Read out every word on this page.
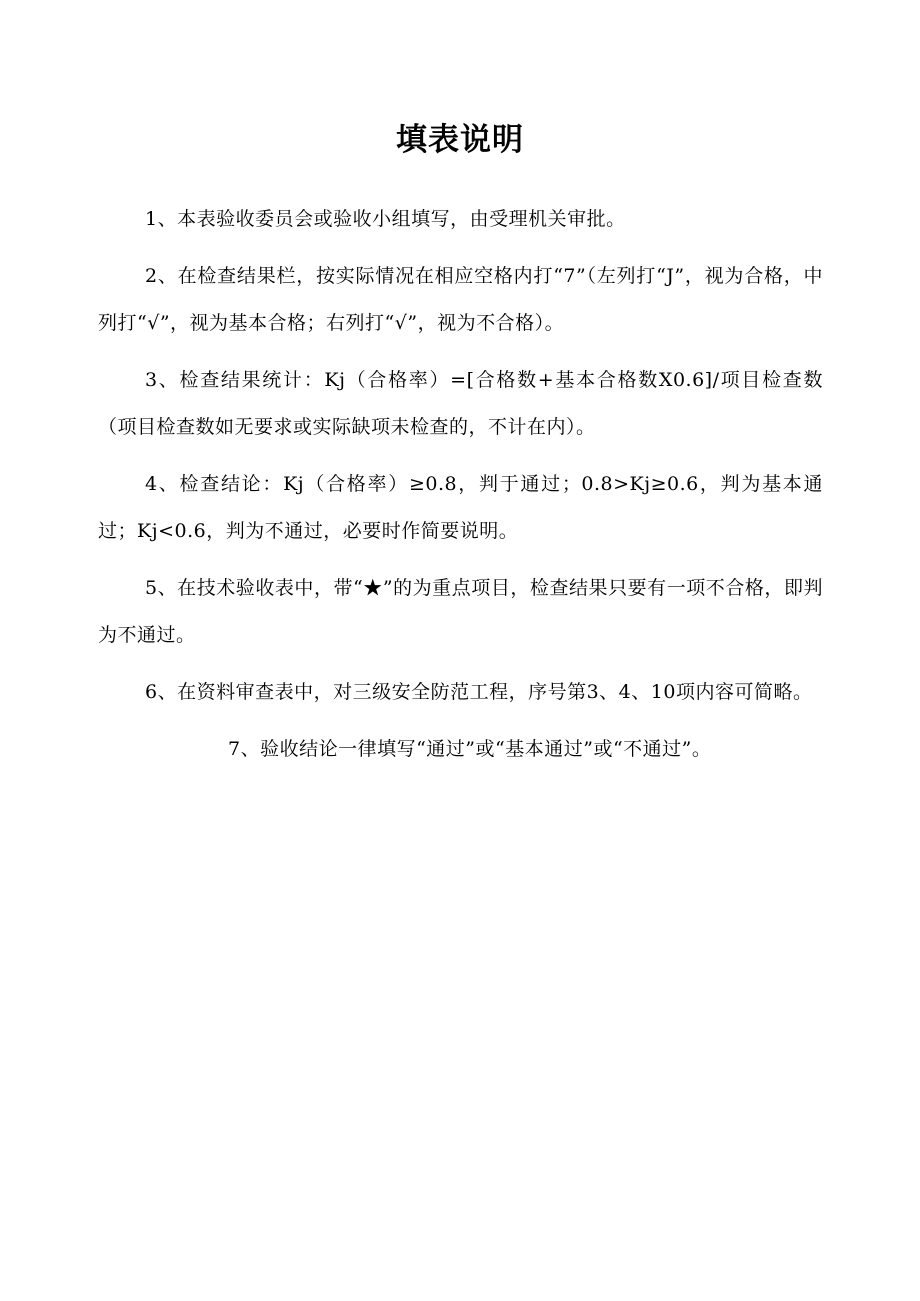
填表说明

1、本表验收委员会或验收小组填写，由受理机关审批。

2、在检查结果栏，按实际情况在相应空格内打“7”（左列打“J”，视为合格，中列打“√”，视为基本合格；右列打“√”，视为不合格）。

3、检查结果统计：Kj（合格率）=[合格数+基本合格数X0.6]/项目检查数（项目检查数如无要求或实际缺项未检查的，不计在内）。

4、检查结论：Kj（合格率）≥0.8，判于通过；0.8>Kj≥0.6，判为基本通过；Kj<0.6，判为不通过，必要时作简要说明。

5、在技术验收表中，带“★”的为重点项目，检查结果只要有一项不合格，即判为不通过。

6、在资料审查表中，对三级安全防范工程，序号第3、4、10项内容可简略。

7、验收结论一律填写“通过”或“基本通过”或“不通过”。
